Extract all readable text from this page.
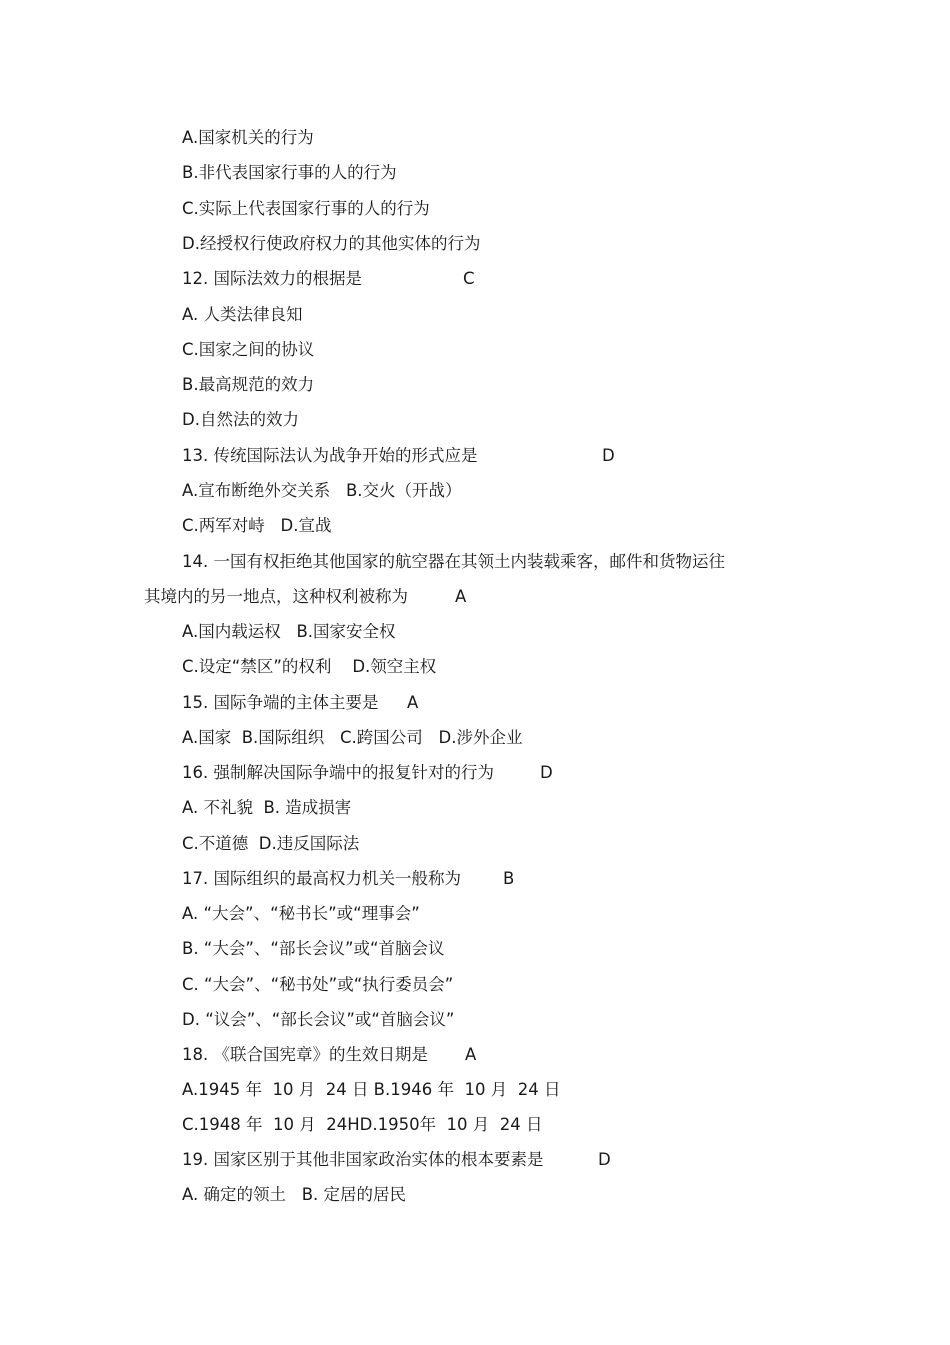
A.国家机关的行为
B.非代表国家行事的人的行为
C.实际上代表国家行事的人的行为
D.经授权行使政府权力的其他实体的行为
12. 国际法效力的根据是	C
A. 人类法律良知
C.国家之间的协议
B.最高规范的效力
D.自然法的效力
13. 传统国际法认为战争开始的形式应是	D
A.宣布断绝外交关系   B.交火（开战）
C.两军对峙   D.宣战
14. 一国有权拒绝其他国家的航空器在其领土内装载乘客，邮件和货物运往
其境内的另一地点，这种权利被称为	A
A.国内载运权   B.国家安全权
C.设定“禁区”的权利    D.领空主权
15. 国际争端的主体主要是 A
A.国家  B.国际组织   C.跨国公司   D.涉外企业
16. 强制解决国际争端中的报复针对的行为	D
A. 不礼貌  B. 造成损害
C.不道德  D.违反国际法
17. 国际组织的最高权力机关一般称为	B
A. “大会”、“秘书长”或“理事会”
B. “大会”、“部长会议”或“首脑会议
C. “大会”、“秘书处”或“执行委员会”
D. “议会”、“部长会议”或“首脑会议”
18. 《联合国宪章》的生效日期是 A
A.1945 年  10 月  24 日 B.1946 年  10 月  24 日
C.1948 年  10 月  24HD.1950年  10 月  24 日
19. 国家区别于其他非国家政治实体的根本要素是	D
A. 确定的领土   B. 定居的居民
